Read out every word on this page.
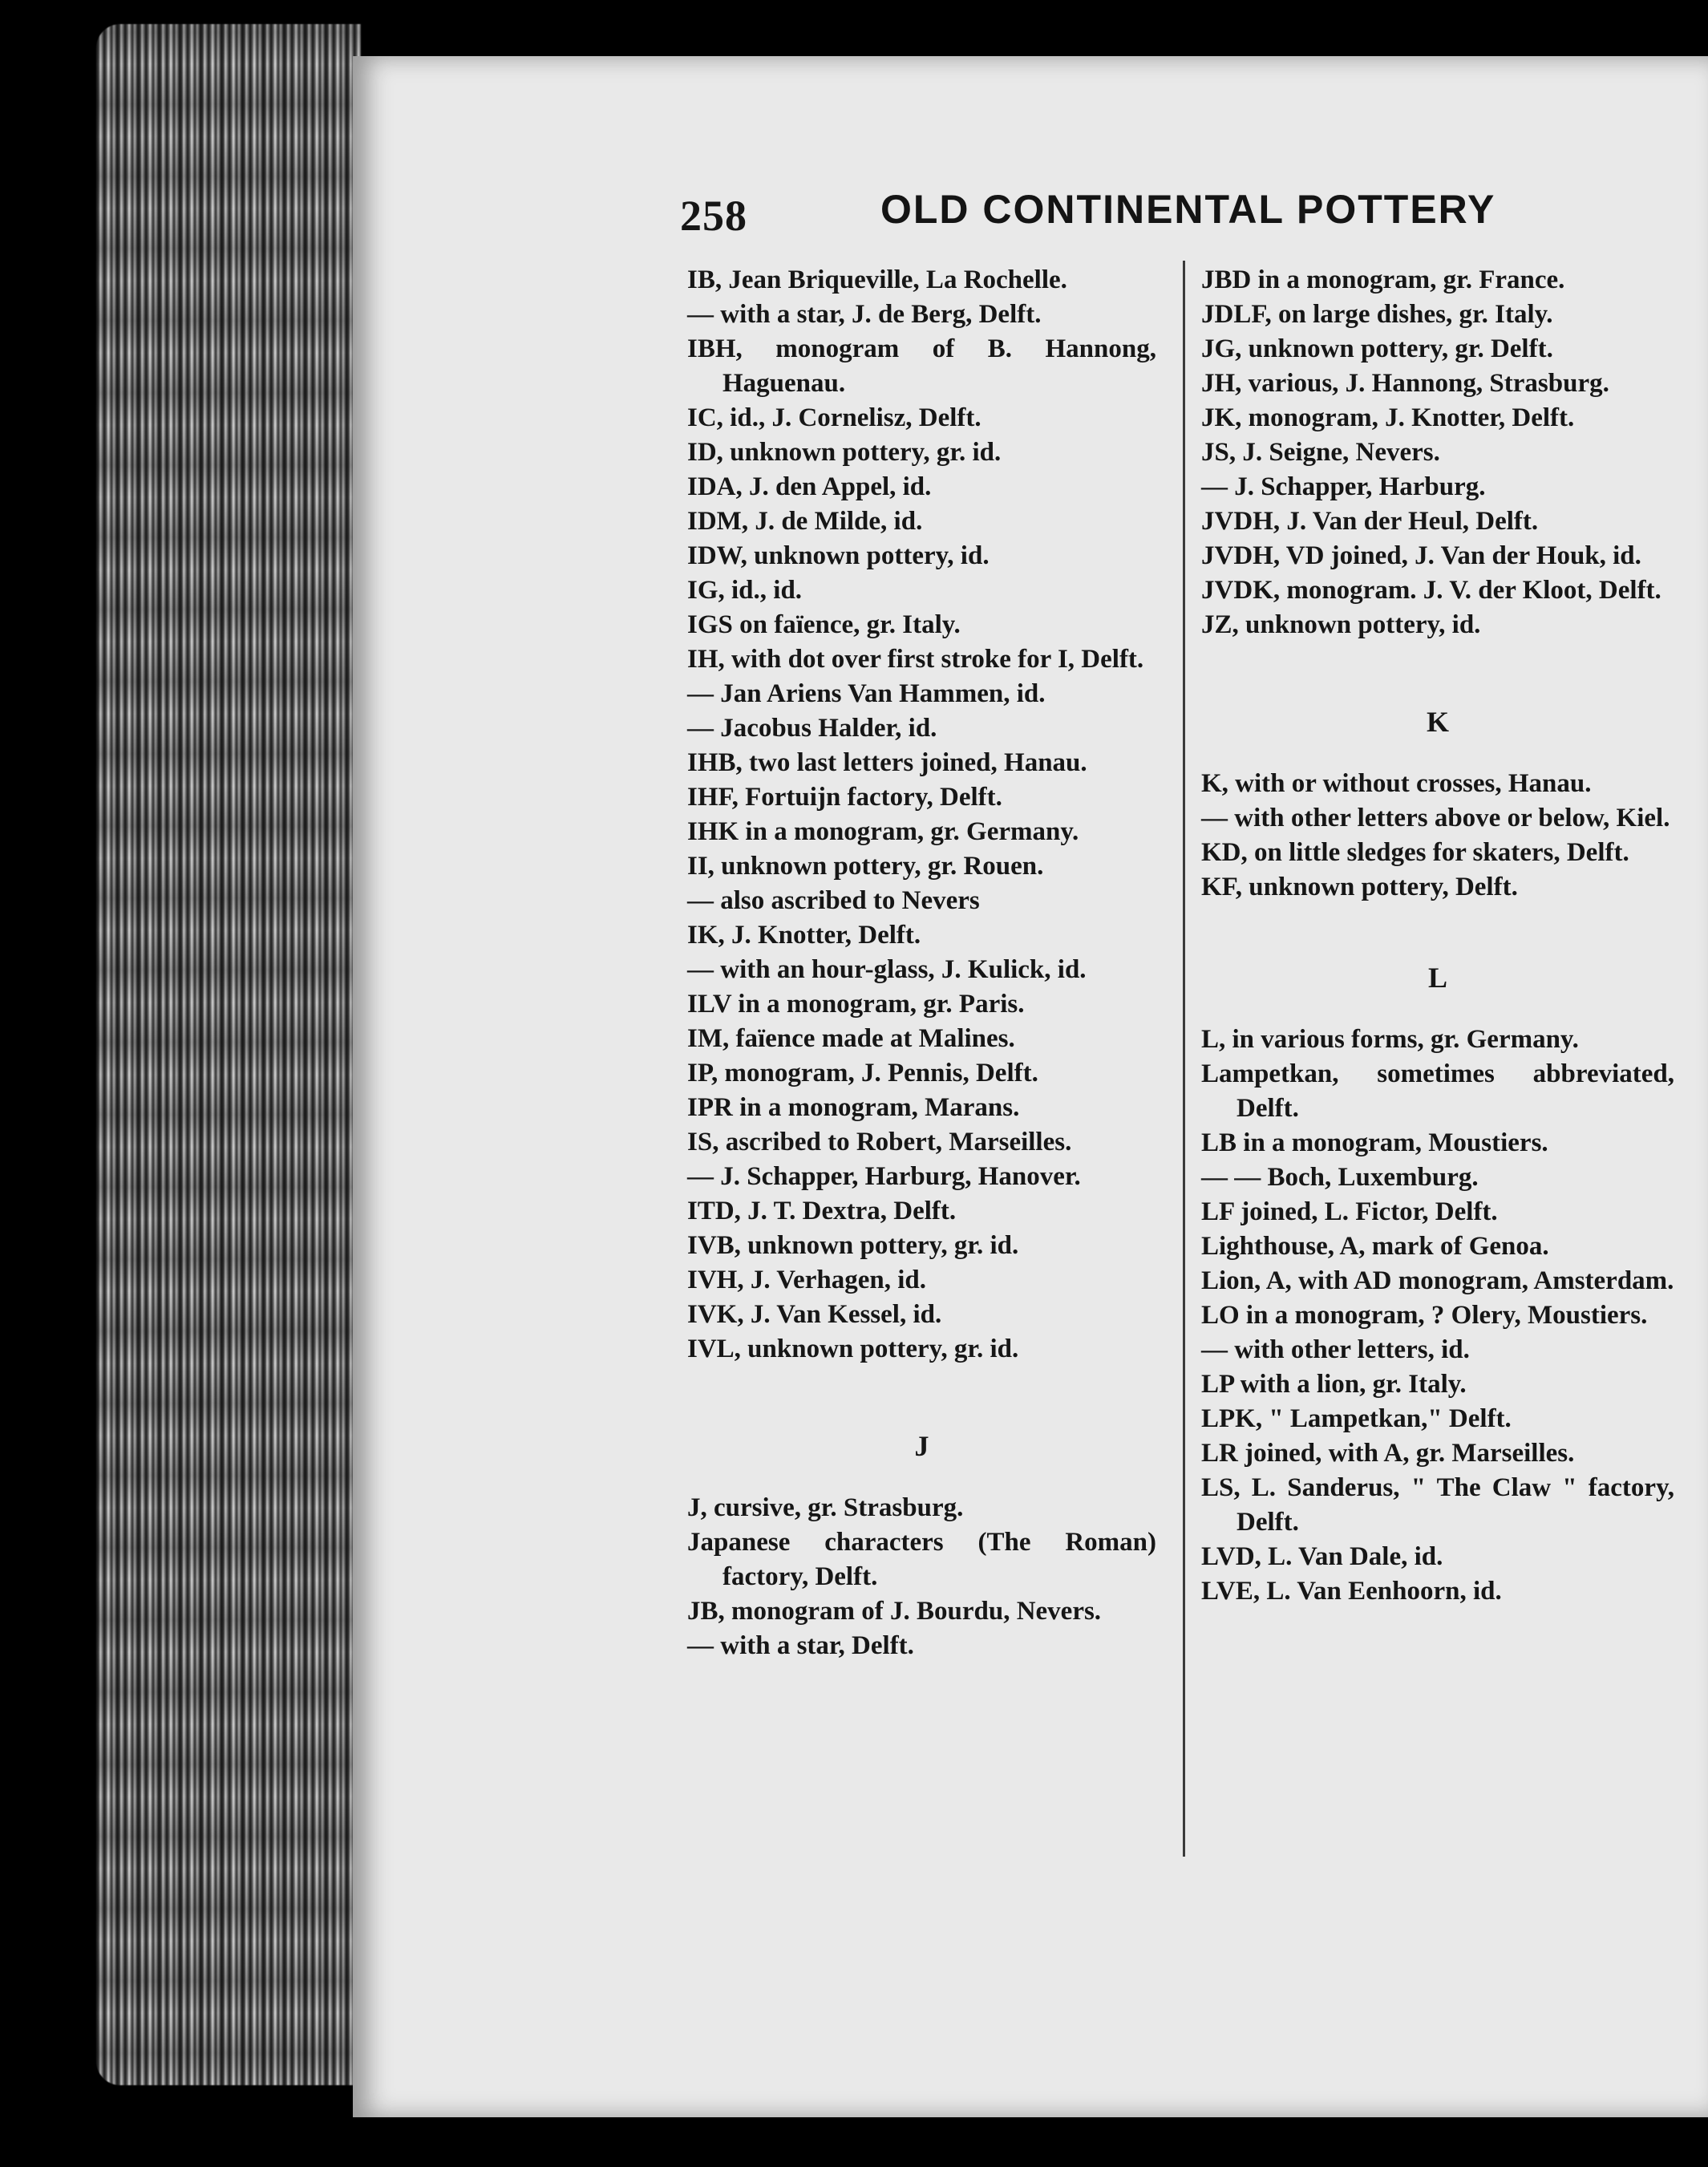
258	OLD CONTINENTAL POTTERY

IB, Jean Briqueville, La Rochelle.

— with a star, J. de Berg, Delft.

IBH, monogram of B. Hannong, Haguenau.

IC, id., J. Cornelisz, Delft.

ID, unknown pottery, gr. id.

IDA, J. den Appel, id.

IDM, J. de Milde, id.

IDW, unknown pottery, id.

IG, id., id.

IGS on faïence, gr. Italy.

IH, with dot over first stroke for I, Delft.

— Jan Ariens Van Hammen, id.

— Jacobus Halder, id.

IHB, two last letters joined, Hanau.

IHF, Fortuijn factory, Delft.

IHK in a monogram, gr. Germany.

II, unknown pottery, gr. Rouen.

— also ascribed to Nevers

IK, J. Knotter, Delft.

— with an hour-glass, J. Kulick, id.

ILV in a monogram, gr. Paris.

IM, faïence made at Malines.

IP, monogram, J. Pennis, Delft.

IPR in a monogram, Marans.

IS, ascribed to Robert, Marseilles.

— J. Schapper, Harburg, Hanover.

ITD, J. T. Dextra, Delft.

IVB, unknown pottery, gr. id.

IVH, J. Verhagen, id.

IVK, J. Van Kessel, id.

IVL, unknown pottery, gr. id.

J

J, cursive, gr. Strasburg.

Japanese characters (The Roman) factory, Delft.

JB, monogram of J. Bourdu, Nevers.

— with a star, Delft.

JBD in a monogram, gr. France.

JDLF, on large dishes, gr. Italy.

JG, unknown pottery, gr. Delft.

JH, various, J. Hannong, Strasburg.

JK, monogram, J. Knotter, Delft.

JS, J. Seigne, Nevers.

— J. Schapper, Harburg.

JVDH, J. Van der Heul, Delft.

JVDH, VD joined, J. Van der Houk, id.

JVDK, monogram. J. V. der Kloot, Delft.

JZ, unknown pottery, id.

K

K, with or without crosses, Hanau.

— with other letters above or below, Kiel.

KD, on little sledges for skaters, Delft.

KF, unknown pottery, Delft.

L

L, in various forms, gr. Germany.

Lampetkan, sometimes abbreviated, Delft.

LB in a monogram, Moustiers.

— — Boch, Luxemburg.

LF joined, L. Fictor, Delft.

Lighthouse, A, mark of Genoa.

Lion, A, with AD monogram, Amsterdam.

LO in a monogram, ? Olery, Moustiers.

— with other letters, id.

LP with a lion, gr. Italy.

LPK, " Lampetkan," Delft.

LR joined, with A, gr. Marseilles.

LS, L. Sanderus, " The Claw " factory, Delft.

LVD, L. Van Dale, id.

LVE, L. Van Eenhoorn, id.
